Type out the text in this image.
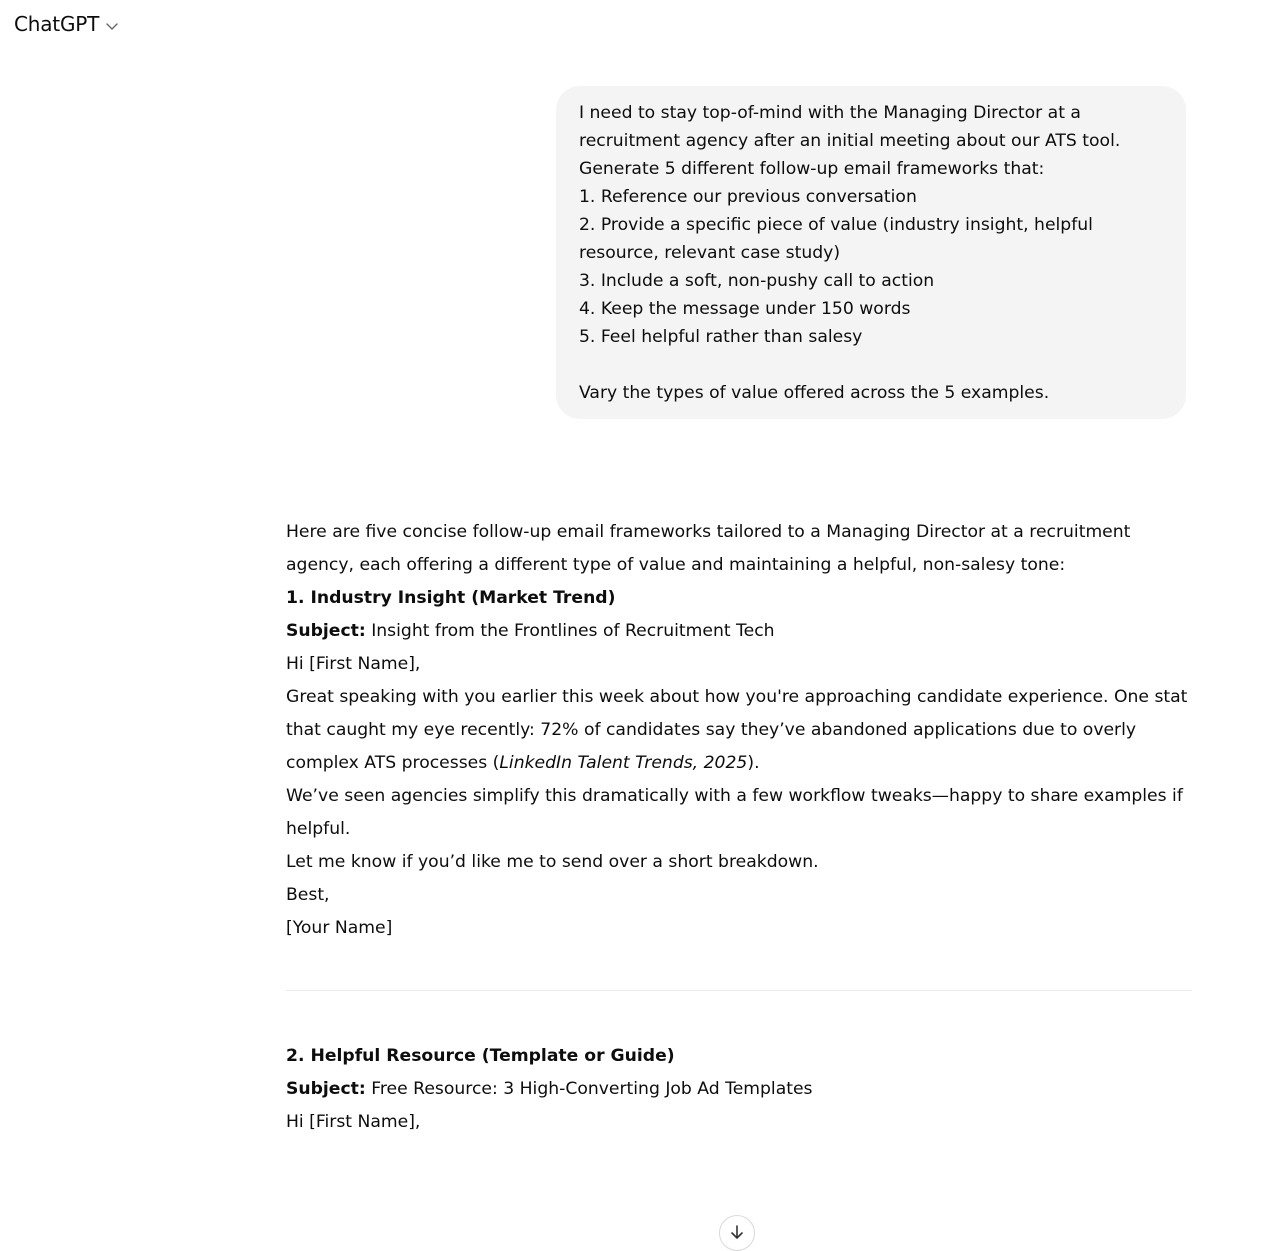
ChatGPT
I need to stay top-of-mind with the Managing Director at a recruitment agency after an initial meeting about our ATS tool. Generate 5 different follow-up email frameworks that:
1. Reference our previous conversation
2. Provide a specific piece of value (industry insight, helpful resource, relevant case study)
3. Include a soft, non-pushy call to action
4. Keep the message under 150 words
5. Feel helpful rather than salesy

Vary the types of value offered across the 5 examples.

Here are five concise follow-up email frameworks tailored to a Managing Director at a recruitment agency, each offering a different type of value and maintaining a helpful, non-salesy tone:

1. Industry Insight (Market Trend)

Subject: Insight from the Frontlines of Recruitment Tech

Hi [First Name],

Great speaking with you earlier this week about how you're approaching candidate experience. One stat that caught my eye recently: 72% of candidates say they’ve abandoned applications due to overly complex ATS processes (LinkedIn Talent Trends, 2025).

We’ve seen agencies simplify this dramatically with a few workflow tweaks—happy to share examples if helpful.

Let me know if you’d like me to send over a short breakdown.

Best,

[Your Name]

2. Helpful Resource (Template or Guide)

Subject: Free Resource: 3 High-Converting Job Ad Templates

Hi [First Name],
